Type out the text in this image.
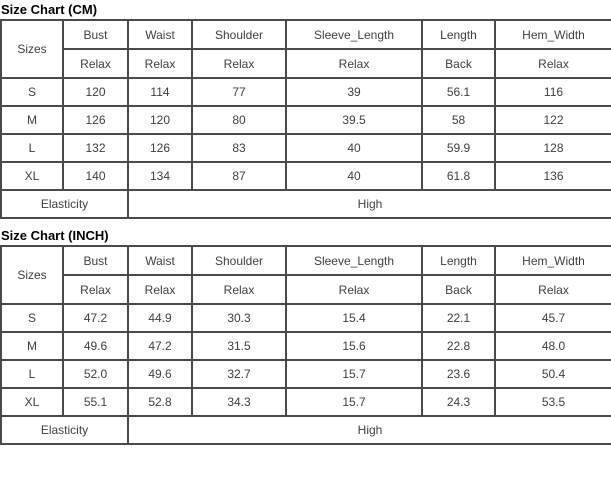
Size Chart (CM)
Sizes	Bust	Waist	Shoulder	Sleeve_Length	Length	Hem_Width
	Relax	Relax	Relax	Relax	Back	Relax
S	120	114	77	39	56.1	116
M	126	120	80	39.5	58	122
L	132	126	83	40	59.9	128
XL	140	134	87	40	61.8	136
Elasticity		High				
Size Chart (INCH)
Sizes	Bust	Waist	Shoulder	Sleeve_Length	Length	Hem_Width
	Relax	Relax	Relax	Relax	Back	Relax
S	47.2	44.9	30.3	15.4	22.1	45.7
M	49.6	47.2	31.5	15.6	22.8	48.0
L	52.0	49.6	32.7	15.7	23.6	50.4
XL	55.1	52.8	34.3	15.7	24.3	53.5
Elasticity		High				
